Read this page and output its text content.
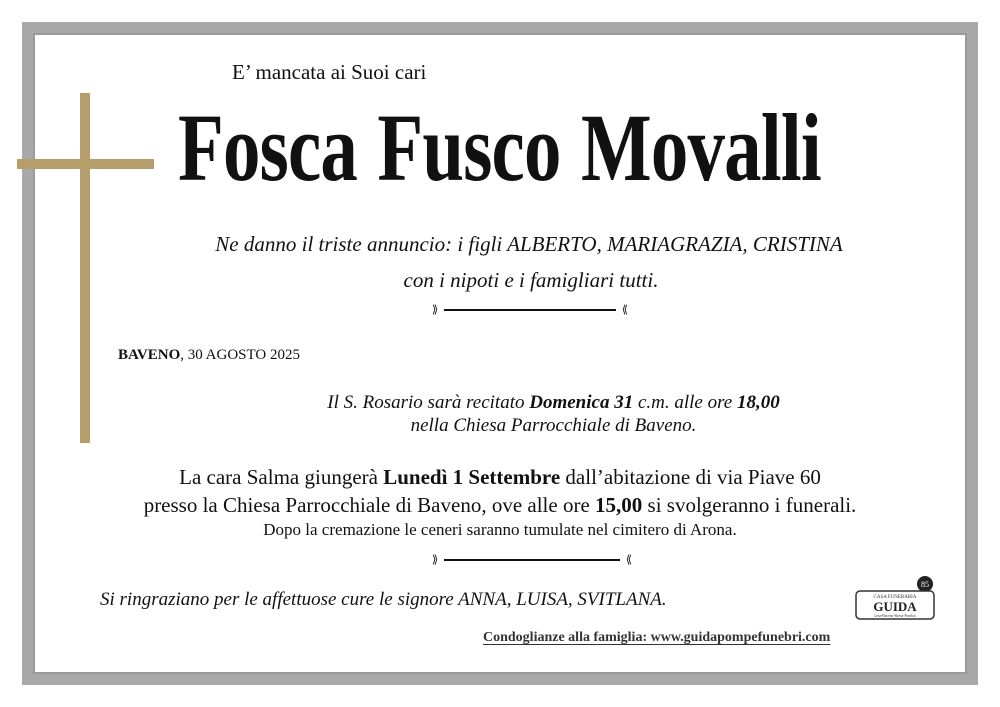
E’ mancata ai Suoi cari
Fosca Fusco Movalli
Ne danno il triste annuncio: i figli ALBERTO, MARIAGRAZIA, CRISTINA
con i nipoti e i famigliari tutti.
⟫	⟪
BAVENO, 30 AGOSTO 2025
Il S. Rosario sarà recitato Domenica 31 c.m. alle ore 18,00
nella Chiesa Parrocchiale di Baveno.
La cara Salma giungerà Lunedì 1 Settembre dall’abitazione di via Piave 60
presso la Chiesa Parrocchiale di Baveno, ove alle ore 15,00 si svolgeranno i funerali.
Dopo la cremazione le ceneri saranno tumulate nel cimitero di Arona.
⟫	⟪
Si ringraziano per le affettuose cure le signore ANNA, LUISA, SVITLANA.
Condoglianze alla famiglia: www.guidapompefunebri.com
85
CASA FUNERARIA
GUIDA
Lesa-Baveno-Stresa-Pombio
